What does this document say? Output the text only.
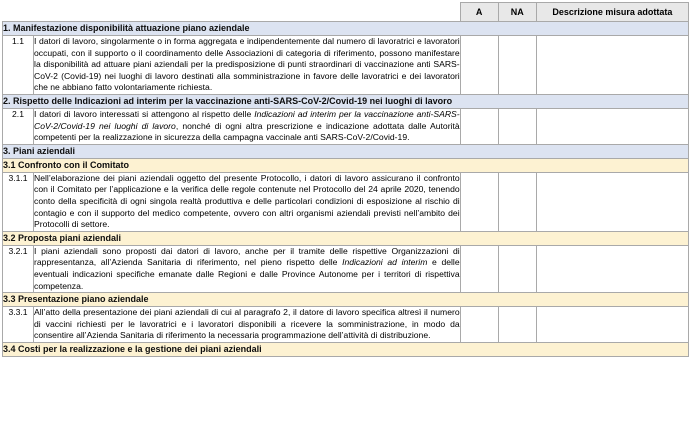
		A	NA	Descrizione misura adottata
1. Manifestazione disponibilità attuazione piano aziendale				
1.1	I datori di lavoro, singolarmente o in forma aggregata e indipendentemente dal numero di lavoratrici e lavoratori occupati, con il supporto o il coordinamento delle Associazioni di categoria di riferimento, possono manifestare la disponibilità ad attuare piani aziendali per la predisposizione di punti straordinari di vaccinazione anti SARS-CoV-2 (Covid-19) nei luoghi di lavoro destinati alla somministrazione in favore delle lavoratrici e dei lavoratori che ne abbiano fatto volontariamente richiesta.			
2. Rispetto delle Indicazioni ad interim per la vaccinazione anti-SARS-CoV-2/Covid-19 nei luoghi di lavoro				
2.1	I datori di lavoro interessati si attengono al rispetto delle Indicazioni ad interim per la vaccinazione anti-SARS-CoV-2/Covid-19 nei luoghi di lavoro, nonché di ogni altra prescrizione e indicazione adottata dalle Autorità competenti per la realizzazione in sicurezza della campagna vaccinale anti SARS-CoV-2/Covid-19.			
3. Piani aziendali				
3.1 Confronto con il Comitato				
3.1.1	Nell’elaborazione dei piani aziendali oggetto del presente Protocollo, i datori di lavoro assicurano il confronto con il Comitato per l’applicazione e la verifica delle regole contenute nel Protocollo del 24 aprile 2020, tenendo conto della specificità di ogni singola realtà produttiva e delle particolari condizioni di esposizione al rischio di contagio e con il supporto del medico competente, ovvero con altri organismi aziendali previsti nell’ambito dei Protocolli di settore.			
3.2 Proposta piani aziendali				
3.2.1	I piani aziendali sono proposti dai datori di lavoro, anche per il tramite delle rispettive Organizzazioni di rappresentanza, all’Azienda Sanitaria di riferimento, nel pieno rispetto delle Indicazioni ad interim e delle eventuali indicazioni specifiche emanate dalle Regioni e dalle Province Autonome per i territori di rispettiva competenza.			
3.3 Presentazione piano aziendale				
3.3.1	All’atto della presentazione dei piani aziendali di cui al paragrafo 2, il datore di lavoro specifica altresì il numero di vaccini richiesti per le lavoratrici e i lavoratori disponibili a ricevere la somministrazione, in modo da consentire all’Azienda Sanitaria di riferimento la necessaria programmazione dell’attività di distribuzione.			
3.4 Costi per la realizzazione e la gestione dei piani aziendali				
